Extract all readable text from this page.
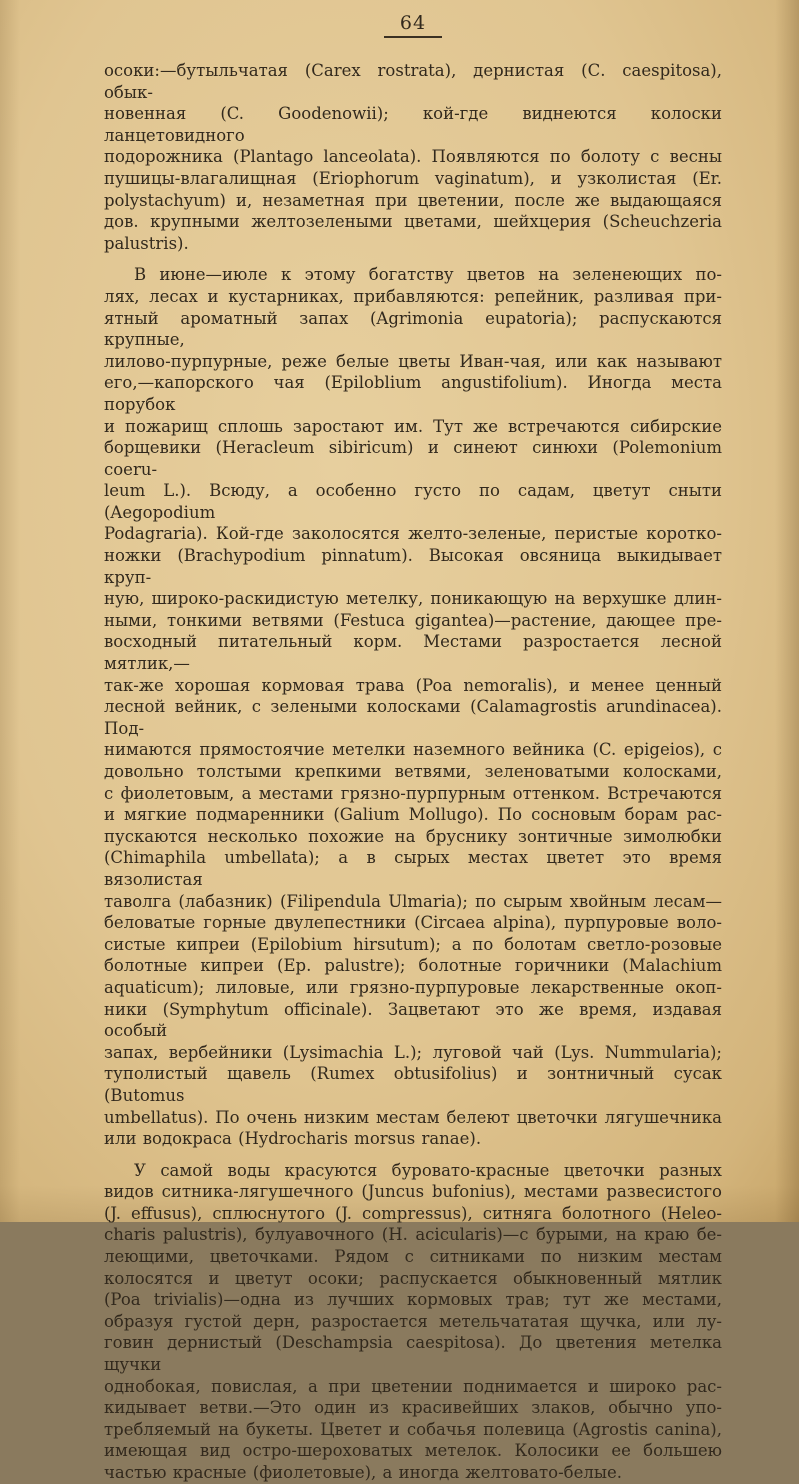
64
осоки:—бутыльчатая (Carex rostrata), дернистая (С. caespitosa), обык-
новенная (C. Goodenowii); кой-где виднеются колоски ланцетовидного
подорожника (Plantago lanceolata). Появляются по болоту с весны
пушицы-влагалищная (Eriophorum vaginatum), и узколистая (Er.
polystachyum) и, незаметная при цветении, после же выдающаяся
дов. крупными желтозелеными цветами, шейхцерия (Scheuchzeria
palustris).
В июне—июле к этому богатству цветов на зеленеющих по-
лях, лесах и кустарниках, прибавляются: репейник, разливая при-
ятный ароматный запах (Agrimonia eupatoria); распускаются крупные,
лилово-пурпурные, реже белые цветы Иван-чая, или как называют
его,—капорского чая (Epiloblium angustifolium). Иногда места порубок
и пожарищ сплошь заростают им. Тут же встречаются сибирские
борщевики (Heracleum sibiricum) и синеют синюхи (Polemonium coeru-
leum L.). Всюду, а особенно густо по садам, цветут сныти (Aegopodium
Podagraria). Кой-где заколосятся желто-зеленые, перистые коротко-
ножки (Brachypodium pinnatum). Высокая овсяница выкидывает круп-
ную, широко-раскидистую метелку, поникающую на верхушке длин-
ными, тонкими ветвями (Festuca gigantea)—растение, дающее пре-
восходный питательный корм. Местами разростается лесной мятлик,—
так-же хорошая кормовая трава (Poa nemoralis), и менее ценный
лесной вейник, с зелеными колосками (Calamagrostis arundinacea). Под-
нимаются прямостоячие метелки наземного вейника (C. epigeios), с
довольно толстыми крепкими ветвями, зеленоватыми колосками,
с фиолетовым, а местами грязно-пурпурным оттенком. Встречаются
и мягкие подмаренники (Galium Mollugo). По сосновым борам рас-
пускаются несколько похожие на бруснику зонтичные зимолюбки
(Chimaphila umbellata); а в сырых местах цветет это время вязолистая
таволга (лабазник) (Filipendula Ulmaria); по сырым хвойным лесам—
беловатые горные двулепестники (Circaea alpina), пурпуровые воло-
систые кипреи (Epilobium hirsutum); а по болотам светло-розовые
болотные кипреи (Ep. palustre); болотные горичники (Malachium
aquaticum); лиловые, или грязно-пурпуровые лекарственные окоп-
ники (Symphytum officinale). Зацветают это же время, издавая особый
запах, вербейники (Lysimachia L.); луговой чай (Lys. Nummularia);
туполистый щавель (Rumex obtusifolius) и зонтничный сусак (Butomus
umbellatus). По очень низким местам белеют цветочки лягушечника
или водокраса (Hydrocharis morsus ranae).
У самой воды красуются буровато-красные цветочки разных
видов ситника-лягушечного (Juncus bufonius), местами развесистого
(J. effusus), сплюснутого (J. compressus), ситняга болотного (Heleo-
charis palustris), булуавочного (H. acicularis)—с бурыми, на краю бе-
леющими, цветочками. Рядом с ситниками по низким местам
колосятся и цветут осоки; распускается обыкновенный мятлик
(Poa trivialis)—одна из лучших кормовых трав; тут же местами,
образуя густой дерн, разростается метельчататая щучка, или лу-
говин дернистый (Deschampsia caespitosa). До цветения метелка щучки
однобокая, повислая, а при цветении поднимается и широко рас-
кидывает ветви.—Это один из красивейших злаков, обычно упо-
требляемый на букеты. Цветет и собачья полевица (Agrostis canina),
имеющая вид остро-шероховатых метелок. Колосики ее большею
частью красные (фиолетовые), а иногда желтовато-белые.
